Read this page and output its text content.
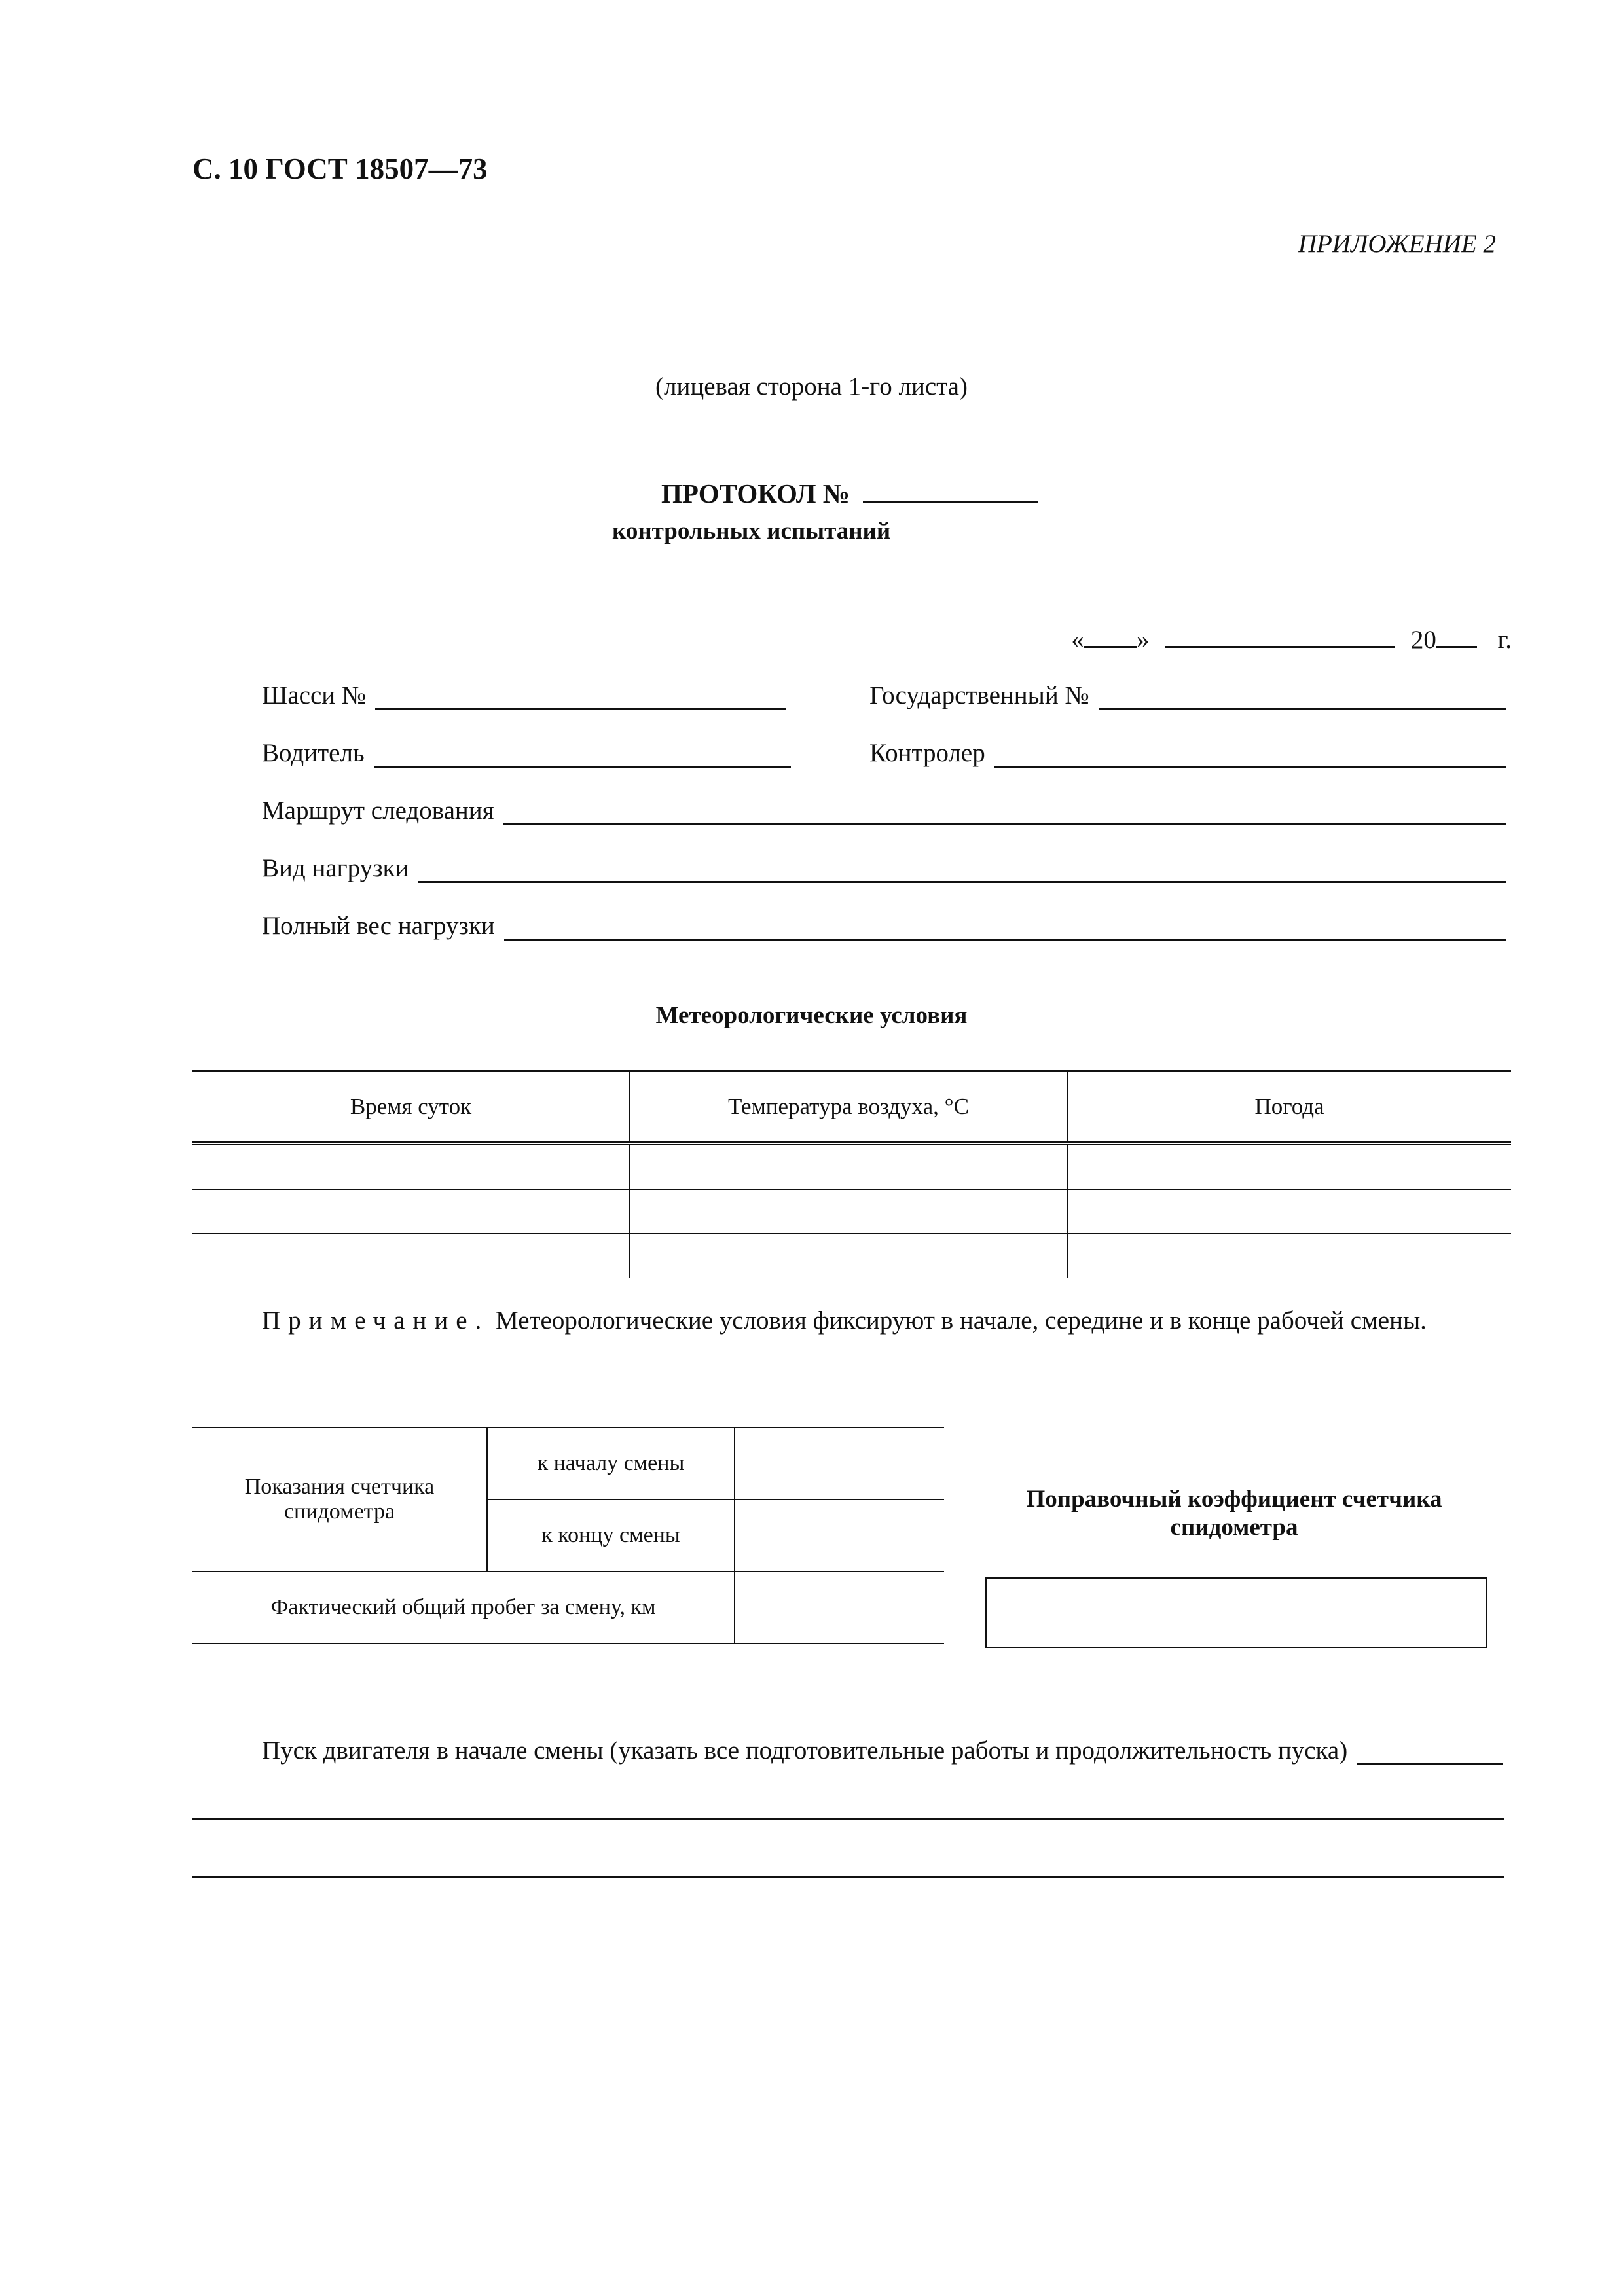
С. 10 ГОСТ 18507—73
ПРИЛОЖЕНИЕ 2
(лицевая сторона 1-го листа)
ПРОТОКОЛ №
контрольных испытаний
« »	20 г.
Шасси №	Государственный №
Водитель	Контролер
Маршрут следования
Вид нагрузки
Полный вес нагрузки
Метеорологические условия
Время суток	Температура воздуха, °С	Погода

Примечание. Метеорологические условия фиксируют в начале, середине и в конце рабочей смены.
Показания счетчика спидометра	к началу смены	
	к концу смены	
Фактический общий пробег за смену, км		
Поправочный коэффициент счетчика спидометра
Пуск двигателя в начале смены (указать все подготовительные работы и продолжительность пуска)
